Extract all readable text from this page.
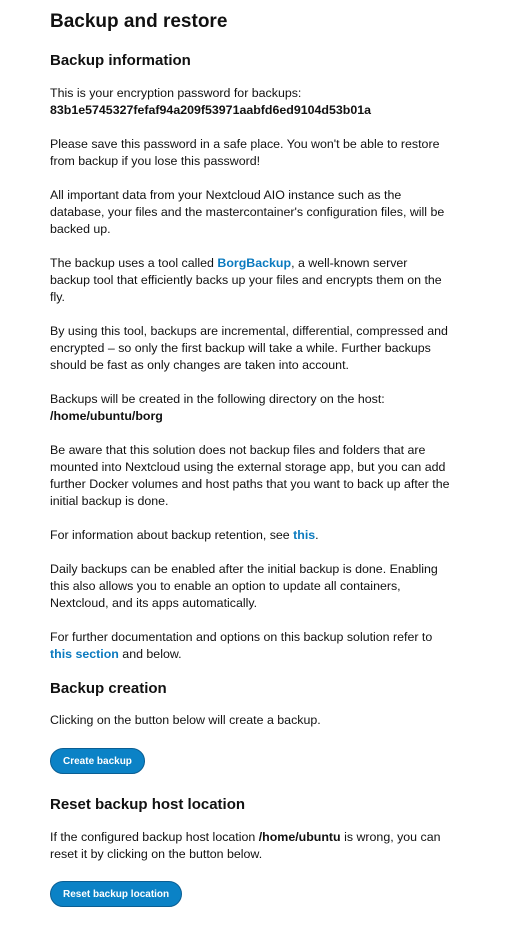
Backup and restore
Backup information

This is your encryption password for backups:
83b1e5745327fefaf94a209f53971aabfd6ed9104d53b01a

Please save this password in a safe place. You won't be able to restore from backup if you lose this password!

All important data from your Nextcloud AIO instance such as the database, your files and the mastercontainer's configuration files, will be backed up.

The backup uses a tool called BorgBackup, a well-known server backup tool that efficiently backs up your files and encrypts them on the fly.

By using this tool, backups are incremental, differential, compressed and encrypted – so only the first backup will take a while. Further backups should be fast as only changes are taken into account.

Backups will be created in the following directory on the host:
/home/ubuntu/borg

Be aware that this solution does not backup files and folders that are mounted into Nextcloud using the external storage app, but you can add further Docker volumes and host paths that you want to back up after the initial backup is done.

For information about backup retention, see this.

Daily backups can be enabled after the initial backup is done. Enabling this also allows you to enable an option to update all containers, Nextcloud, and its apps automatically.

For further documentation and options on this backup solution refer to this section and below.

Backup creation

Clicking on the button below will create a backup.

Create backup
Reset backup host location

If the configured backup host location /home/ubuntu is wrong, you can reset it by clicking on the button below.

Reset backup location
